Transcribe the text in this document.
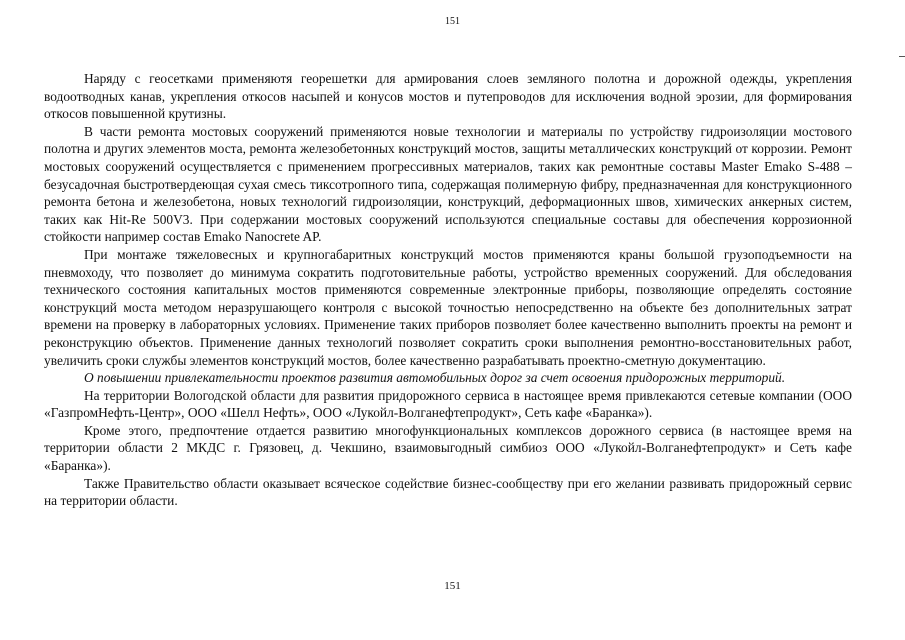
151

Наряду с геосетками применяютя георешетки для армирования слоев земляного полотна и дорожной одежды, укрепления водоотводных канав, укрепления откосов насыпей и конусов мостов и путепроводов для исключения водной эрозии, для формирования откосов повышенной крутизны.

В части ремонта мостовых сооружений применяются новые технологии и материалы по устройству гидроизоляции мостового полотна и других элементов моста, ремонта железобетонных конструкций мостов, защиты металлических конструкций от коррозии. Ремонт мостовых сооружений осуществляется с применением прогрессивных материалов, таких как ремонтные составы Master Emako S-488 – безусадочная быстротвердеющая сухая смесь тиксотропного типа, содержащая полимерную фибру, предназначенная для конструкционного ремонта бетона и железобетона, новых технологий гидроизоляции, конструкций, деформационных швов, химических анкерных систем, таких как Hit-Re 500V3. При содержании мостовых сооружений используются специальные составы для обеспечения коррозионной стойкости например состав Emako Nanocrete AP.

При монтаже тяжеловесных и крупногабаритных конструкций мостов применяются краны большой грузоподъемности на пневмоходу, что позволяет до минимума сократить подготовительные работы, устройство временных сооружений. Для обследования технического состояния капитальных мостов применяются современные электронные приборы, позволяющие определять состояние конструкций моста методом неразрушающего контроля с высокой точностью непосредственно на объекте без дополнительных затрат времени на проверку в лабораторных условиях. Применение таких приборов позволяет более качественно выполнить проекты на ремонт и реконструкцию объектов. Применение данных технологий позволяет сократить сроки выполнения ремонтно-восстановительных работ, увеличить сроки службы элементов конструкций мостов, более качественно разрабатывать проектно-сметную документацию.

О повышении привлекательности проектов развития автомобильных дорог за счет освоения придорожных территорий.

На территории Вологодской области для развития придорожного сервиса в настоящее время привлекаются сетевые компании (ООО «ГазпромНефть-Центр», ООО «Шелл Нефть», ООО «Лукойл-Волганефтепродукт», Сеть кафе «Баранка»).

Кроме этого, предпочтение отдается развитию многофункциональных комплексов дорожного сервиса (в настоящее время на территории области 2 МКДС г. Грязовец, д. Чекшино, взаимовыгодный симбиоз ООО «Лукойл-Волганефтепродукт» и Сеть кафе «Баранка»).

Также Правительство области оказывает всяческое содействие бизнес-сообществу при его желании развивать придорожный сервис на территории области.

151
